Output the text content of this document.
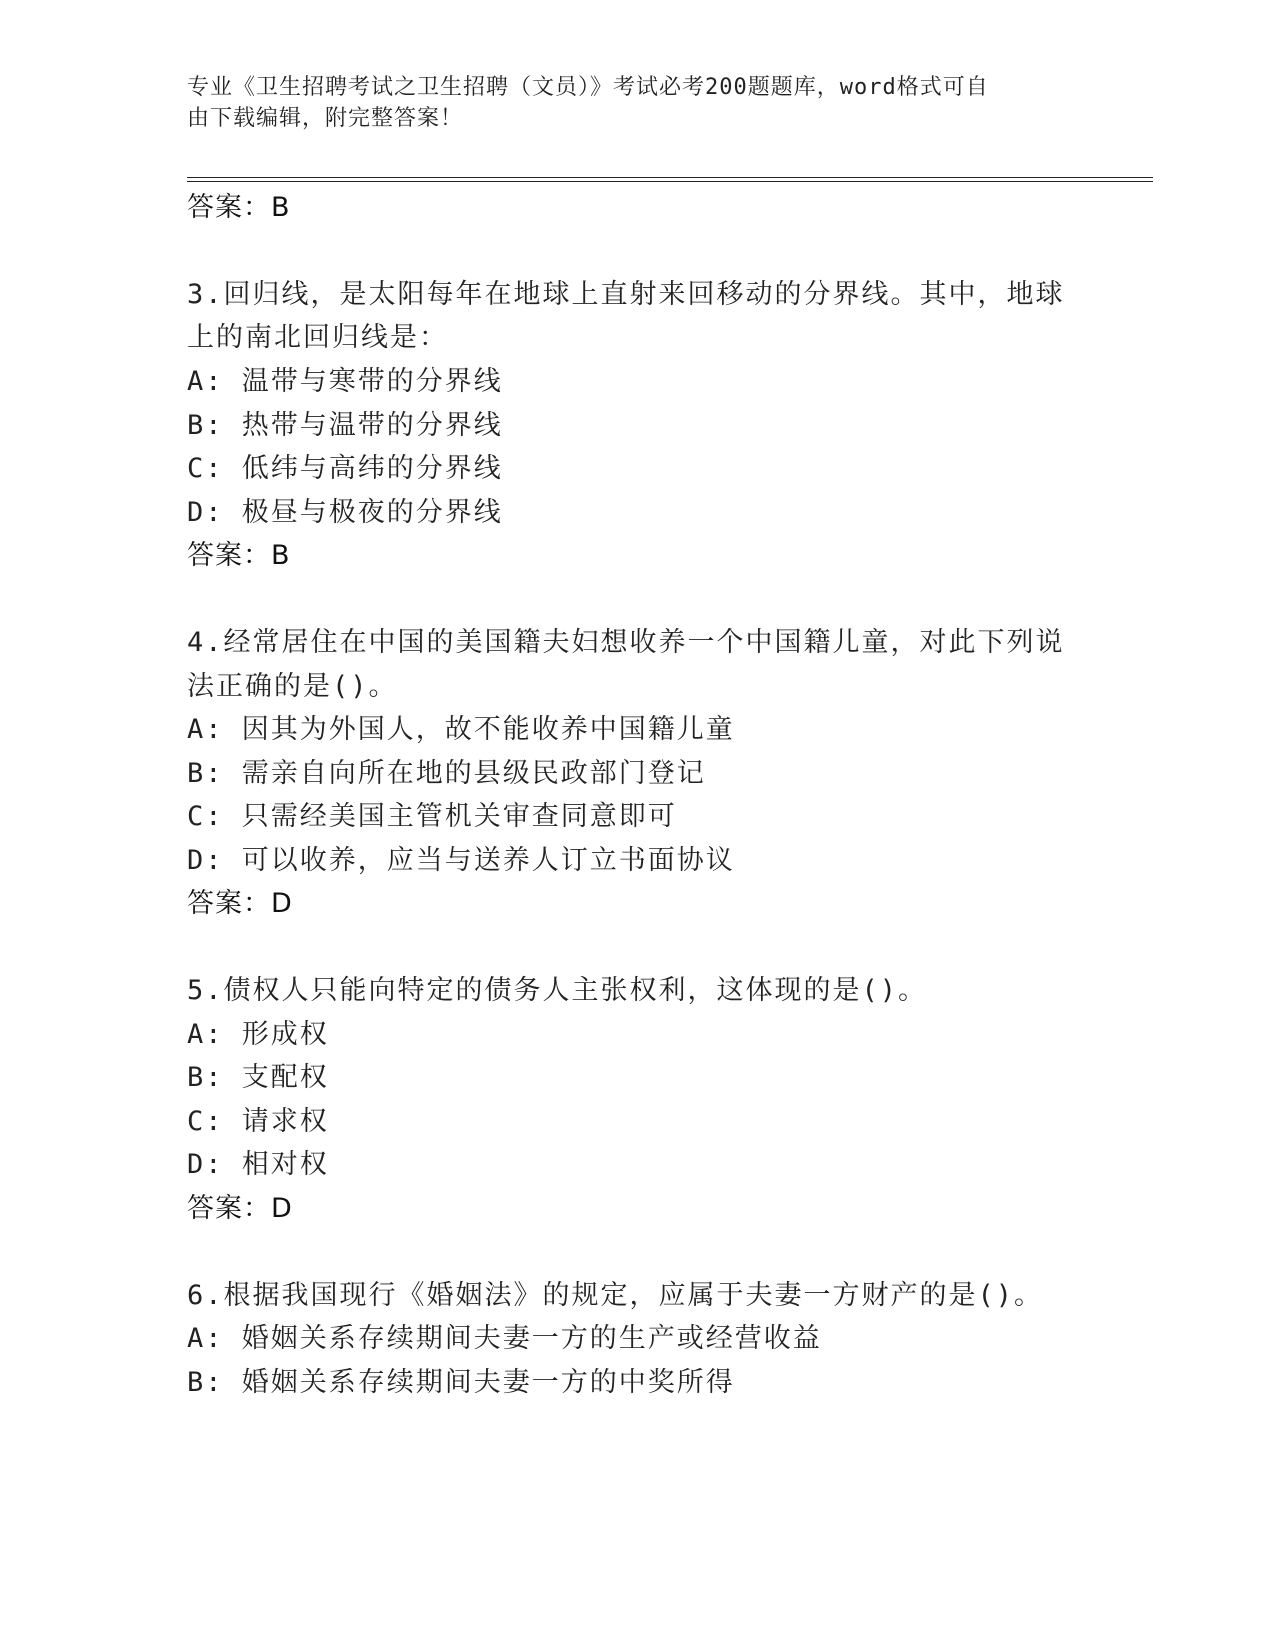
专业《卫生招聘考试之卫生招聘（文员）》考试必考200题题库，word格式可自
由下载编辑，附完整答案！
答案：B
3.回归线，是太阳每年在地球上直射来回移动的分界线。其中，地球
上的南北回归线是：
A: 温带与寒带的分界线
B: 热带与温带的分界线
C: 低纬与高纬的分界线
D: 极昼与极夜的分界线
答案：B
4.经常居住在中国的美国籍夫妇想收养一个中国籍儿童，对此下列说
法正确的是()。
A: 因其为外国人，故不能收养中国籍儿童
B: 需亲自向所在地的县级民政部门登记
C: 只需经美国主管机关审查同意即可
D: 可以收养，应当与送养人订立书面协议
答案：D
5.债权人只能向特定的债务人主张权利，这体现的是()。
A: 形成权
B: 支配权
C: 请求权
D: 相对权
答案：D
6.根据我国现行《婚姻法》的规定，应属于夫妻一方财产的是()。
A: 婚姻关系存续期间夫妻一方的生产或经营收益
B: 婚姻关系存续期间夫妻一方的中奖所得
